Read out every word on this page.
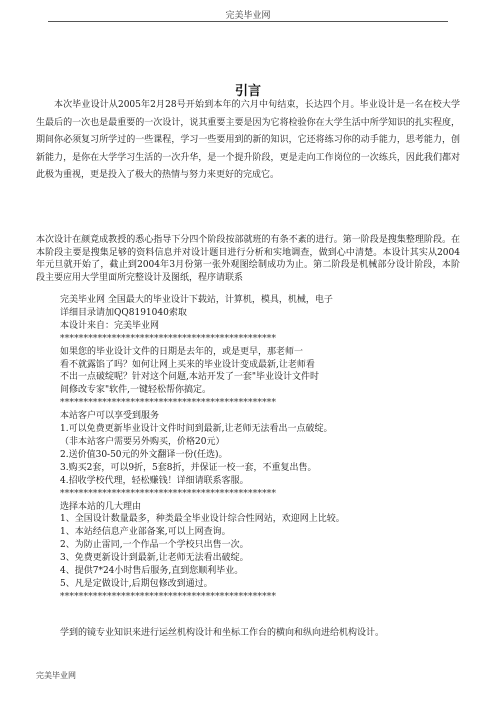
完美毕业网
引言

本次毕业设计从2005年2月28号开始到本年的六月中旬结束，长达四个月。毕业设计是一名在校大学生最后的一次也是最重要的一次设计，说其重要主要是因为它将检验你在大学生活中所学知识的扎实程度，期间你必须复习所学过的一些课程，学习一些要用到的新的知识，它还将练习你的动手能力，思考能力，创新能力，是你在大学学习生活的一次升华，是一个提升阶段，更是走向工作岗位的一次练兵，因此我们都对此极为重视，更是投入了极大的热情与努力来更好的完成它。

本次设计在颜竟成教授的悉心指导下分四个阶段按部就班的有条不紊的进行。第一阶段是搜集整理阶段。在本阶段主要是搜集足够的资料信息并对设计题目进行分析和实地调查，做到心中清楚。本设计其实从2004年元旦就开始了，截止到2004年3月份第一张外观图绘制成功为止。第二阶段是机械部分设计阶段，本阶段主要应用大学里面所完整设计及图纸，程序请联系

完美毕业网 全国最大的毕业设计下载站，计算机，模具，机械，电子
详细目录请加QQ8191040索取
本设计来自：完美毕业网
**********************************************
如果您的毕业设计文件的日期是去年的，或是更早，那老师一
看不就露馅了吗？如何让网上买来的毕业设计变成最新,让老师看
不出一点破绽呢？针对这个问题,本站开发了一套"毕业设计文件时
间修改专家"软件,一键轻松帮你搞定。
**********************************************
本站客户可以享受到服务
1.可以免费更新毕业设计文件时间到最新,让老师无法看出一点破绽。
（非本站客户需要另外购买，价格20元）
2.送价值30-50元的外文翻译一份(任选)。
3.购买2套，可以9折，5套8折，并保证一校一套，不重复出售。
4.招收学校代理，轻松赚钱！详细请联系客服。
**********************************************
选择本站的几大理由
1、全国设计数量最多，种类最全毕业设计综合性网站，欢迎网上比较。
1、本站经信息产业部备案,可以上网查询。
2、为防止雷同,一个作品一个学校只出售一次。
3、免费更新设计到最新,让老师无法看出破绽。
4、提供7*24小时售后服务,直到您顺利毕业。
5、凡是定做设计,后期包修改到通过。
**********************************************

学到的镜专业知识来进行运丝机构设计和坐标工作台的横向和纵向进给机构设计。

完美毕业网
